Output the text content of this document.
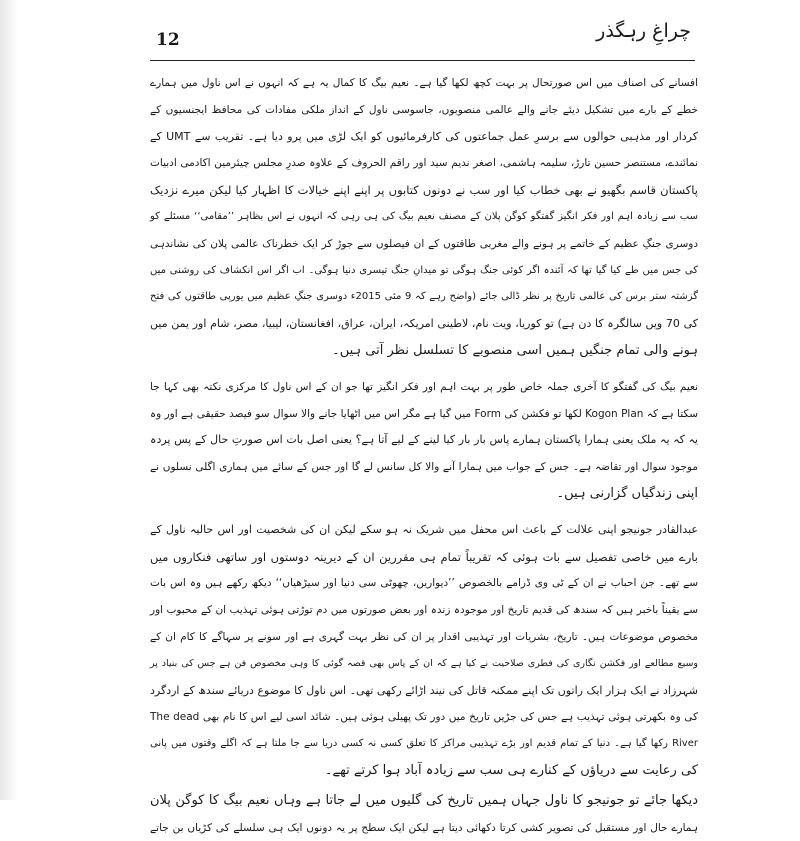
12	چراغِ رہگذر

افسانے کی اصناف میں اس صورتحال پر بہت کچھ لکھا گیا ہے۔ نعیم بیگ کا کمال یہ ہے کہ انہوں نے اس ناول میں ہمارے
خطے کے بارے میں تشکیل دیئے جانے والے عالمی منصوبوں، جاسوسی ناول کے انداز ملکی مفادات کی محافظ ایجنسیوں کے
کردار اور مذہبی حوالوں سے برسرِ عمل جماعتوں کی کارفرمائیوں کو ایک لڑی میں پرو دیا ہے۔ تقریب سے UMT کے
نمائندے، مستنصر حسین تارڑ، سلیمہ ہاشمی، اصغر ندیم سید اور راقم الحروف کے علاوہ صدرِ مجلس چیئرمین اکادمی ادبیات
پاکستان قاسم بگھیو نے بھی خطاب کیا اور سب نے دونوں کتابوں پر اپنے اپنے خیالات کا اظہار کیا لیکن میرے نزدیک
سب سے زیادہ اہم اور فکر انگیز گفتگو کوگن پلان کے مصنف نعیم بیگ کی ہی رہی کہ انہوں نے اس بظاہر ’’مقامی‘‘ مسئلے کو
دوسری جنگِ عظیم کے خاتمے پر ہونے والے مغربی طاقتوں کے ان فیصلوں سے جوڑ کر ایک خطرناک عالمی پلان کی نشاندہی
کی جس میں طے کیا گیا تھا کہ آئندہ اگر کوئی جنگ ہوگی تو میدانِ جنگ تیسری دنیا ہوگی۔ اب اگر اس انکشاف کی روشنی میں
گزشتہ ستر برس کی عالمی تاریخ پر نظر ڈالی جائے (واضح رہے کہ 9 مئی 2015ء دوسری جنگِ عظیم میں یورپی طاقتوں کی فتح
کی 70 ویں سالگرہ کا دن ہے) تو کوریا، ویت نام، لاطینی امریکہ، ایران، عراق، افغانستان، لیبیا، مصر، شام اور یمن میں
ہونے والی تمام جنگیں ہمیں اسی منصوبے کا تسلسل نظر آتی ہیں۔

نعیم بیگ کی گفتگو کا آخری جملہ خاص طور پر بہت اہم اور فکر انگیز تھا جو ان کے اس ناول کا مرکزی نکتہ بھی کہا جا
سکتا ہے کہ Kogon Plan لکھا تو فکشن کی Form میں گیا ہے مگر اس میں اٹھایا جانے والا سوال سو فیصد حقیقی ہے اور وہ
یہ کہ یہ ملک یعنی ہمارا پاکستان ہمارے پاس بار بار کیا لینے کے لیے آتا ہے؟ یعنی اصل بات اس صورتِ حال کے پس پردہ
موجود سوال اور تقاضہ ہے۔ جس کے جواب میں ہمارا آنے والا کل سانس لے گا اور جس کے سائے میں ہماری اگلی نسلوں نے
اپنی زندگیاں گزارنی ہیں۔

عبدالقادر جونیجو اپنی علالت کے باعث اس محفل میں شریک نہ ہو سکے لیکن ان کی شخصیت اور اس حالیہ ناول کے
بارے میں خاصی تفصیل سے بات ہوئی کہ تقریباً تمام ہی مقررین ان کے دیرینہ دوستوں اور ساتھی فنکاروں میں
سے تھے۔ جن احباب نے ان کے ٹی وی ڈرامے بالخصوص ’’دیواریں، چھوٹی سی دنیا اور سیڑھیاں‘‘ دیکھ رکھے ہیں وہ اس بات
سے یقیناً باخبر ہیں کہ سندھ کی قدیم تاریخ اور موجودہ زندہ اور بعض صورتوں میں دم توڑتی ہوئی تہذیب ان کے محبوب اور
مخصوص موضوعات ہیں۔ تاریخ، بشریات اور تہذیبی اقدار پر ان کی نظر بہت گہری ہے اور سونے پر سہاگے کا کام ان کے
وسیع مطالعے اور فکشن نگاری کی فطری صلاحیت نے کیا ہے کہ ان کے پاس بھی قصہ گوئی کا وہی مخصوص فن ہے جس کی بنیاد پر
شہرزاد نے ایک ہزار ایک راتوں تک اپنے ممکنہ قاتل کی نیند اڑائے رکھی تھی۔ اس ناول کا موضوع دریائے سندھ کے اردگرد
کی وہ بکھرتی ہوئی تہذیب ہے جس کی جڑیں تاریخ میں دور تک پھیلی ہوئی ہیں۔ شائد اسی لیے اس کا نام بھی The dead
River رکھا گیا ہے۔ دنیا کے تمام قدیم اور بڑے تہذیبی مراکز کا تعلق کسی نہ کسی دریا سے جا ملتا ہے کہ اگلے وقتوں میں پانی
کی رعایت سے دریاؤں کے کنارے ہی سب سے زیادہ آباد ہوا کرتے تھے۔

دیکھا جائے تو جونیجو کا ناول جہاں ہمیں تاریخ کی گلیوں میں لے جاتا ہے وہاں نعیم بیگ کا کوگن پلان
ہمارے حال اور مستقبل کی تصویر کشی کرتا دکھائی دیتا ہے لیکن ایک سطح پر یہ دونوں ایک ہی سلسلے کی کڑیاں بن جاتے
